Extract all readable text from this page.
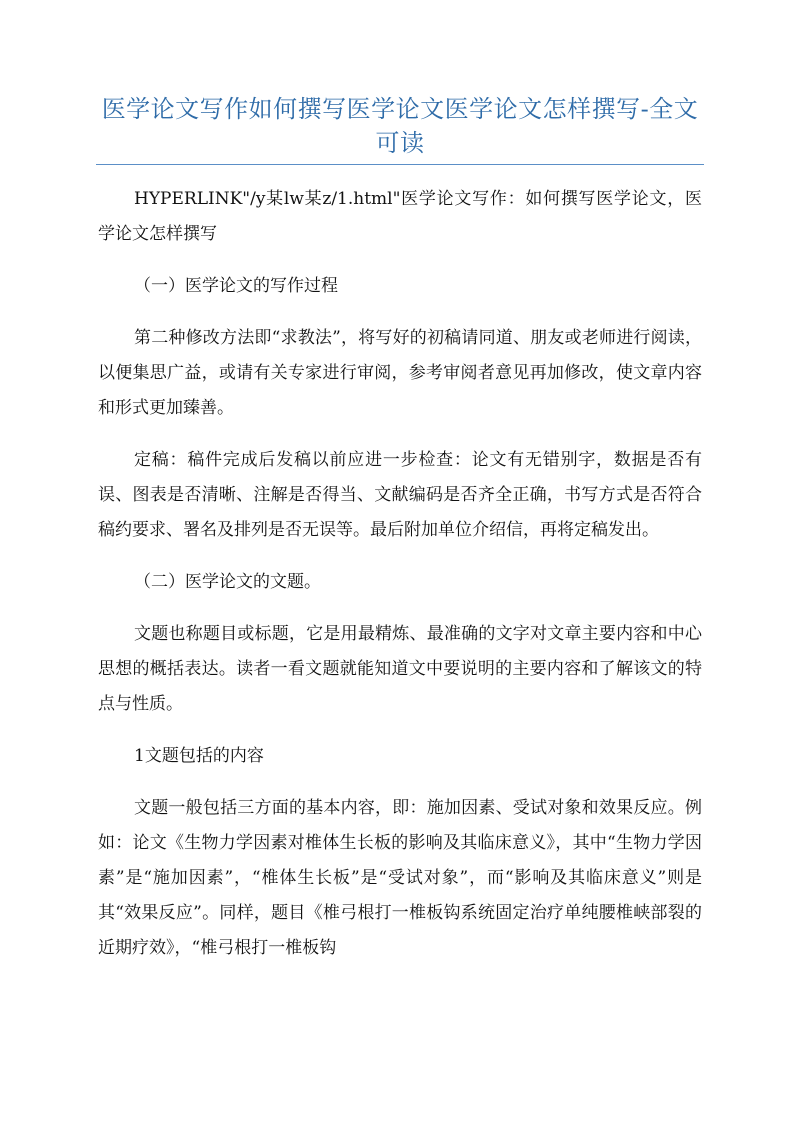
医学论文写作如何撰写医学论文医学论文怎样撰写-全文可读

HYPERLINK"/y某lw某z/1.html"医学论文写作：如何撰写医学论文，医学论文怎样撰写

（一）医学论文的写作过程

第二种修改方法即“求教法”，将写好的初稿请同道、朋友或老师进行阅读，以便集思广益，或请有关专家进行审阅，参考审阅者意见再加修改，使文章内容和形式更加臻善。

定稿：稿件完成后发稿以前应进一步检查：论文有无错别字，数据是否有误、图表是否清晰、注解是否得当、文献编码是否齐全正确，书写方式是否符合稿约要求、署名及排列是否无误等。最后附加单位介绍信，再将定稿发出。

（二）医学论文的文题。

文题也称题目或标题，它是用最精炼、最准确的文字对文章主要内容和中心思想的概括表达。读者一看文题就能知道文中要说明的主要内容和了解该文的特点与性质。

1文题包括的内容

文题一般包括三方面的基本内容，即：施加因素、受试对象和效果反应。例如：论文《生物力学因素对椎体生长板的影响及其临床意义》，其中“生物力学因素”是“施加因素”，“椎体生长板”是“受试对象”，而“影响及其临床意义”则是其“效果反应”。同样，题目《椎弓根打一椎板钩系统固定治疗单纯腰椎峡部裂的近期疗效》，“椎弓根打一椎板钩
